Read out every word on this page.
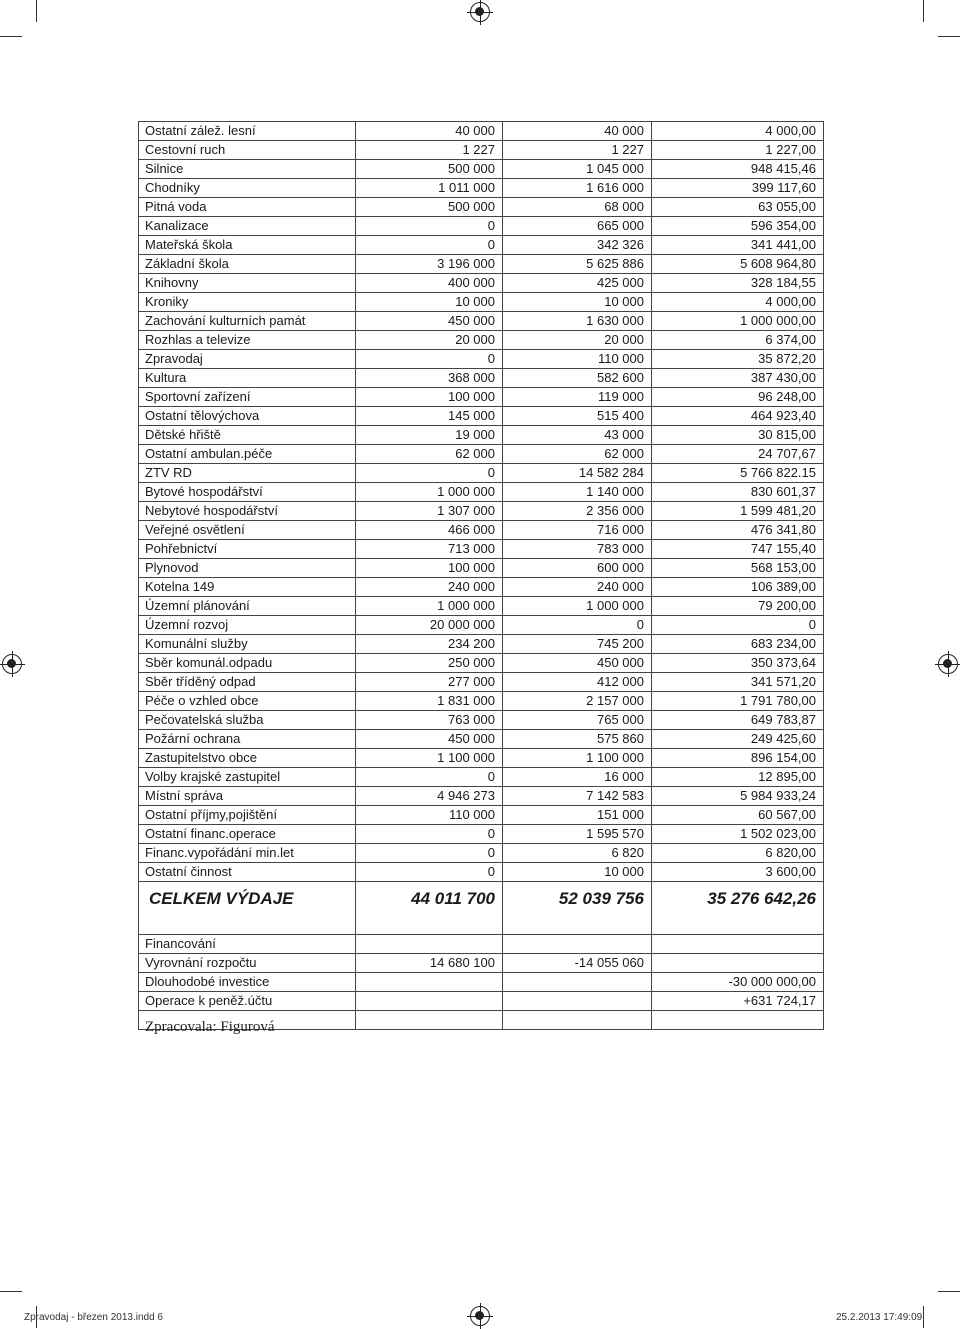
Ostatní zálež. lesní	40 000	40 000	4 000,00
Cestovní ruch	1 227	1 227	1 227,00
Silnice	500 000	1 045 000	948 415,46
Chodníky	1 011 000	1 616 000	399 117,60
Pitná voda	500 000	68 000	63 055,00
Kanalizace	0	665 000	596 354,00
Mateřská škola	0	342 326	341 441,00
Základní škola	3 196 000	5 625 886	5 608 964,80
Knihovny	400 000	425 000	328 184,55
Kroniky	10 000	10 000	4 000,00
Zachování kulturních památ	450 000	1 630 000	1 000 000,00
Rozhlas a televize	20 000	20 000	6 374,00
Zpravodaj	0	110 000	35 872,20
Kultura	368 000	582 600	387 430,00
Sportovní zařízení	100 000	119 000	96 248,00
Ostatní tělovýchova	145 000	515 400	464 923,40
Dětské hřiště	19 000	43 000	30 815,00
Ostatní ambulan.péče	62 000	62 000	24 707,67
ZTV RD	0	14 582 284	5 766 822.15
Bytové hospodářství	1 000 000	1 140 000	830 601,37
Nebytové hospodářství	1 307 000	2 356 000	1 599 481,20
Veřejné osvětlení	466 000	716 000	476 341,80
Pohřebnictví	713 000	783 000	747 155,40
Plynovod	100 000	600 000	568 153,00
Kotelna 149	240 000	240 000	106 389,00
Územní plánování	1 000 000	1 000 000	79 200,00
Územní rozvoj	20 000 000	0	0
Komunální služby	234 200	745 200	683 234,00
Sběr komunál.odpadu	250 000	450 000	350 373,64
Sběr tříděný odpad	277 000	412 000	341 571,20
Péče o vzhled obce	1 831 000	2 157 000	1 791 780,00
Pečovatelská služba	763 000	765 000	649 783,87
Požární ochrana	450 000	575 860	249 425,60
Zastupitelstvo obce	1 100 000	1 100 000	896 154,00
Volby krajské zastupitel	0	16 000	12 895,00
Místní správa	4 946 273	7 142 583	5 984 933,24
Ostatní příjmy,pojištění	110 000	151 000	60 567,00
Ostatní financ.operace	0	1 595 570	1 502 023,00
Financ.vypořádání min.let	0	6 820	6 820,00
Ostatní činnost	0	10 000	3 600,00
CELKEM VÝDAJE	44 011 700	52 039 756	35 276 642,26

Financování			
Vyrovnání rozpočtu	14 680 100	-14 055 060	
Dlouhodobé investice			-30 000 000,00
Operace k peněž.účtu			+631 724,17

Zpracovala: Figurová
Zpravodaj - březen 2013.indd 6	25.2.2013 17:49:09
